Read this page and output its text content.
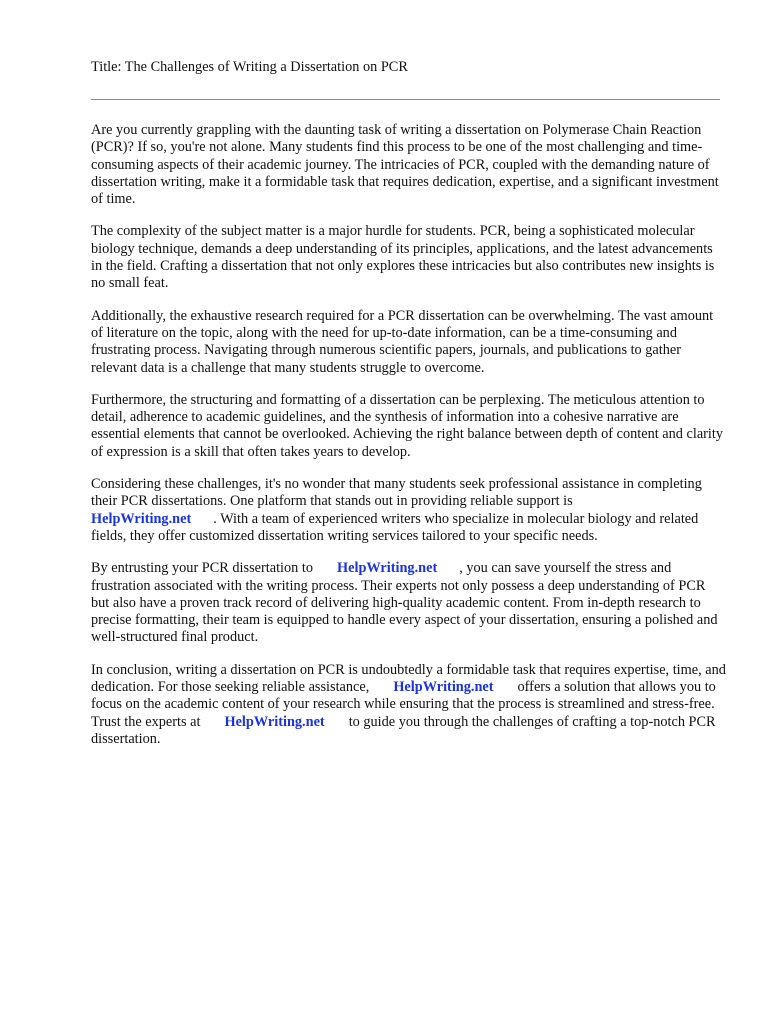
Title: The Challenges of Writing a Dissertation on PCR

Are you currently grappling with the daunting task of writing a dissertation on Polymerase Chain Reaction (PCR)? If so, you're not alone. Many students find this process to be one of the most challenging and time-consuming aspects of their academic journey. The intricacies of PCR, coupled with the demanding nature of dissertation writing, make it a formidable task that requires dedication, expertise, and a significant investment of time.

The complexity of the subject matter is a major hurdle for students. PCR, being a sophisticated molecular biology technique, demands a deep understanding of its principles, applications, and the latest advancements in the field. Crafting a dissertation that not only explores these intricacies but also contributes new insights is no small feat.

Additionally, the exhaustive research required for a PCR dissertation can be overwhelming. The vast amount of literature on the topic, along with the need for up-to-date information, can be a time-consuming and frustrating process. Navigating through numerous scientific papers, journals, and publications to gather relevant data is a challenge that many students struggle to overcome.

Furthermore, the structuring and formatting of a dissertation can be perplexing. The meticulous attention to detail, adherence to academic guidelines, and the synthesis of information into a cohesive narrative are essential elements that cannot be overlooked. Achieving the right balance between depth of content and clarity of expression is a skill that often takes years to develop.

Considering these challenges, it's no wonder that many students seek professional assistance in completing their PCR dissertations. One platform that stands out in providing reliable support is
HelpWriting.net . With a team of experienced writers who specialize in molecular biology and related fields, they offer customized dissertation writing services tailored to your specific needs.

By entrusting your PCR dissertation to HelpWriting.net , you can save yourself the stress and frustration associated with the writing process. Their experts not only possess a deep understanding of PCR but also have a proven track record of delivering high-quality academic content. From in-depth research to precise formatting, their team is equipped to handle every aspect of your dissertation, ensuring a polished and well-structured final product.

In conclusion, writing a dissertation on PCR is undoubtedly a formidable task that requires expertise, time, and dedication. For those seeking reliable assistance, HelpWriting.net offers a solution that allows you to focus on the academic content of your research while ensuring that the process is streamlined and stress-free. Trust the experts at HelpWriting.net to guide you through the challenges of crafting a top-notch PCR dissertation.
